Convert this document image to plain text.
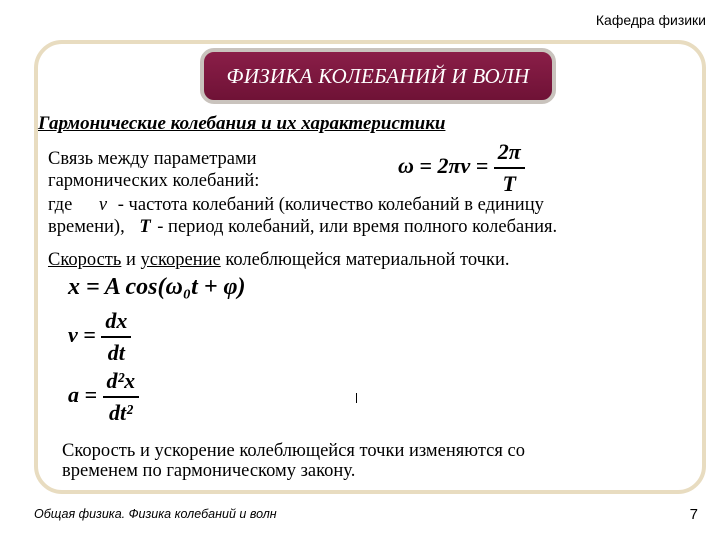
Кафедра физики
ФИЗИКА КОЛЕБАНИЙ И ВОЛН
Гармонические колебания и их характеристики
Связь между параметрами
гармонических колебаний:
$\omega = 2\pi\nu = \frac{2\pi}{T}$
где ν - частота колебаний (количество колебаний в единицу
времени), T - период колебаний, или время полного колебания.
Скорость и ускорение колеблющейся материальной точки.
x = A cos(ω₀t + φ)
$v = \frac{dx}{dt}$
$a = \frac{\text{d²x}}{\text{dt²}}$
Скорость и ускорение колеблющейся точки изменяются со
временем по гармоническому закону.
Общая физика. Физика колебаний и волн	7
